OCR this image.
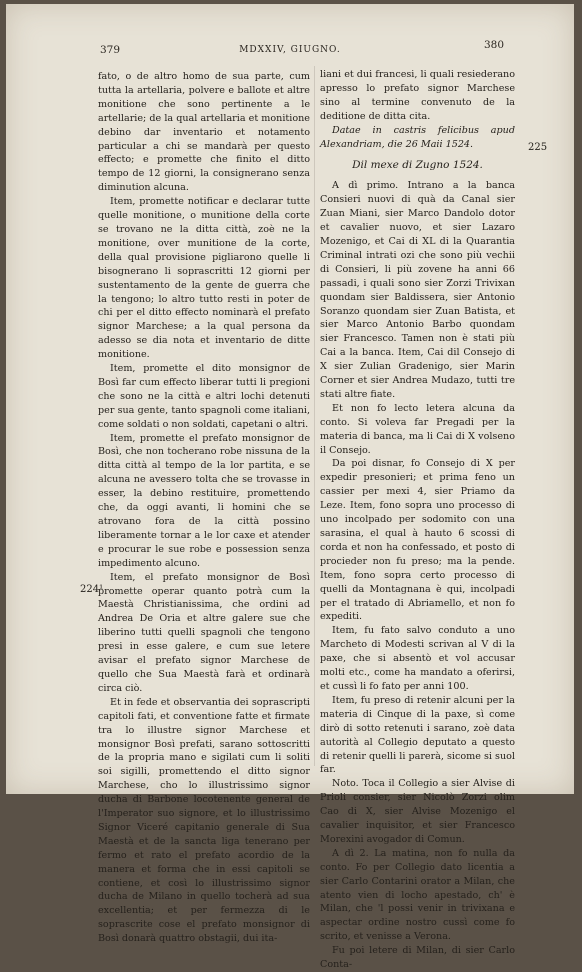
379	MDXXIV, GIUGNO.	380

fato, o de altro homo de sua parte, cum tutta la artellaria, polvere e ballote et altre monitione che sono pertinente a le artellarie; de la qual artellaria et monitione debino dar inventario et notamento particular a chi se mandarà per questo effecto; e promette che finito el ditto tempo de 12 giorni, la consignerano senza diminution alcuna.

Item, promette notificar e declarar tutte quelle monitione, o munitione della corte se trovano ne la ditta città, zoè ne la monitione, over munitione de la corte, della qual provisione pigliarono quelle li bisognerano li soprascritti 12 giorni per sustentamento de la gente de guerra che la tengono; lo altro tutto resti in poter de chi per el ditto effecto nominarà el prefato signor Marchese; a la qual persona da adesso se dia nota et inventario de ditte monitione.

Item, promette el dito monsignor de Bosì far cum effecto liberar tutti li pregioni che sono ne la città e altri lochi detenuti per sua gente, tanto spagnoli come italiani, come soldati o non soldati, capetani o altri.

Item, promette el prefato monsignor de Bosì, che non tocherano robe nissuna de la ditta città al tempo de la lor partita, e se alcuna ne avessero tolta che se trovasse in esser, la debino restituire, promettendo che, da oggi avanti, li homini che se atrovano fora de la città possino liberamente tornar a le lor caxe et atender e procurar le sue robe e possession senza impedimento alcuno.

Item, el prefato monsignor de Bosì promette operar quanto potrà cum la Maestà Christianissima, che ordini ad Andrea De Oria et altre galere sue che liberino tutti quelli spagnoli che tengono presi in esse galere, e cum sue letere avisar el prefato signor Marchese de quello che Sua Maestà farà et ordinarà circa ciò.

Et in fede et observantia dei soprascripti capitoli fati, et conventione fatte et firmate tra lo illustre signor Marchese et monsignor Bosì prefati, sarano sottoscritti de la propria mano e sigilati cum li soliti soi sigilli, promettendo el ditto signor Marchese, cho lo illustrissimo signor ducha di Barbone locotenente general de l'Imperator suo signore, et lo illustrissimo Signor Viceré capitanio generale di Sua Maestà et de la sancta liga tenerano per fermo et rato el prefato acordio de la manera et forma che in essi capitoli se contiene, et così lo illustrissimo signor ducha de Milano in quello tocherà ad sua excellentia; et per fermezza di le soprascrite cose el prefato monsignor di Bosì donarà quattro obstagii, dui ita-

liani et dui francesi, li quali resiederano apresso lo prefato signor Marchese sino al termine convenuto de la deditione de ditta cita.

Datae in castris felicibus apud Alexandriam, die 26 Maii 1524.

Dil mexe di Zugno 1524.

A dì primo. Intrano a la banca Consieri nuovi di quà da Canal sier Zuan Miani, sier Marco Dandolo dotor et cavalier nuovo, et sier Lazaro Mozenigo, et Cai di XL di la Quarantia Criminal intrati ozi che sono più vechii di Consieri, li più zovene ha anni 66 passadi, i quali sono sier Zorzi Trivixan quondam sier Baldissera, sier Antonio Soranzo quondam sier Zuan Batista, et sier Marco Antonio Barbo quondam sier Francesco. Tamen non è stati più Cai a la banca. Item, Cai dil Consejo di X sier Zulian Gradenigo, sier Marin Corner et sier Andrea Mudazo, tutti tre stati altre fiate.

Et non fo lecto letera alcuna da conto. Si voleva far Pregadi per la materia di banca, ma li Cai di X volseno il Consejo.

Da poi disnar, fo Consejo di X per expedir presonieri; et prima feno un cassier per mexi 4, sier Priamo da Leze. Item, fono sopra uno processo di uno incolpado per sodomito con una sarasina, el qual à hauto 6 scossi di corda et non ha confessado, et posto di procieder non fu preso; ma la pende. Item, fono sopra certo processo di quelli da Montagnana è qui, incolpadi per el tratado di Abriamello, et non fo expediti.

Item, fu fato salvo conduto a uno Marcheto di Modesti scrivan al V di la paxe, che si absentò et vol accusar molti etc., come ha mandato a oferirsi, et cussì li fo fato per anni 100.

Item, fu preso di retenir alcuni per la materia di Cinque di la paxe, sì come dirò di sotto retenuti i sarano, zoè data autorità al Collegio deputato a questo di retenir quelli li parerà, sicome si suol far.

Noto. Toca il Collegio a sier Alvise di Prioli consier, sier Nicolò Zorzi olim Cao di X, sier Alvise Mozenigo el cavalier inquisitor, et sier Francesco Morexini avogador di Comun.

A dì 2. La matina, non fo nulla da conto. Fo per Collegio dato licentia a sier Carlo Contarini orator a Milan, che atento vien di locho apestado, ch' è Milan, che 'l possi venir in trivixana e aspectar ordine nostro cussì come fo scrito, et venisse a Verona.

Fu poi letere di Milan, di sier Carlo Conta-

224¹
225
